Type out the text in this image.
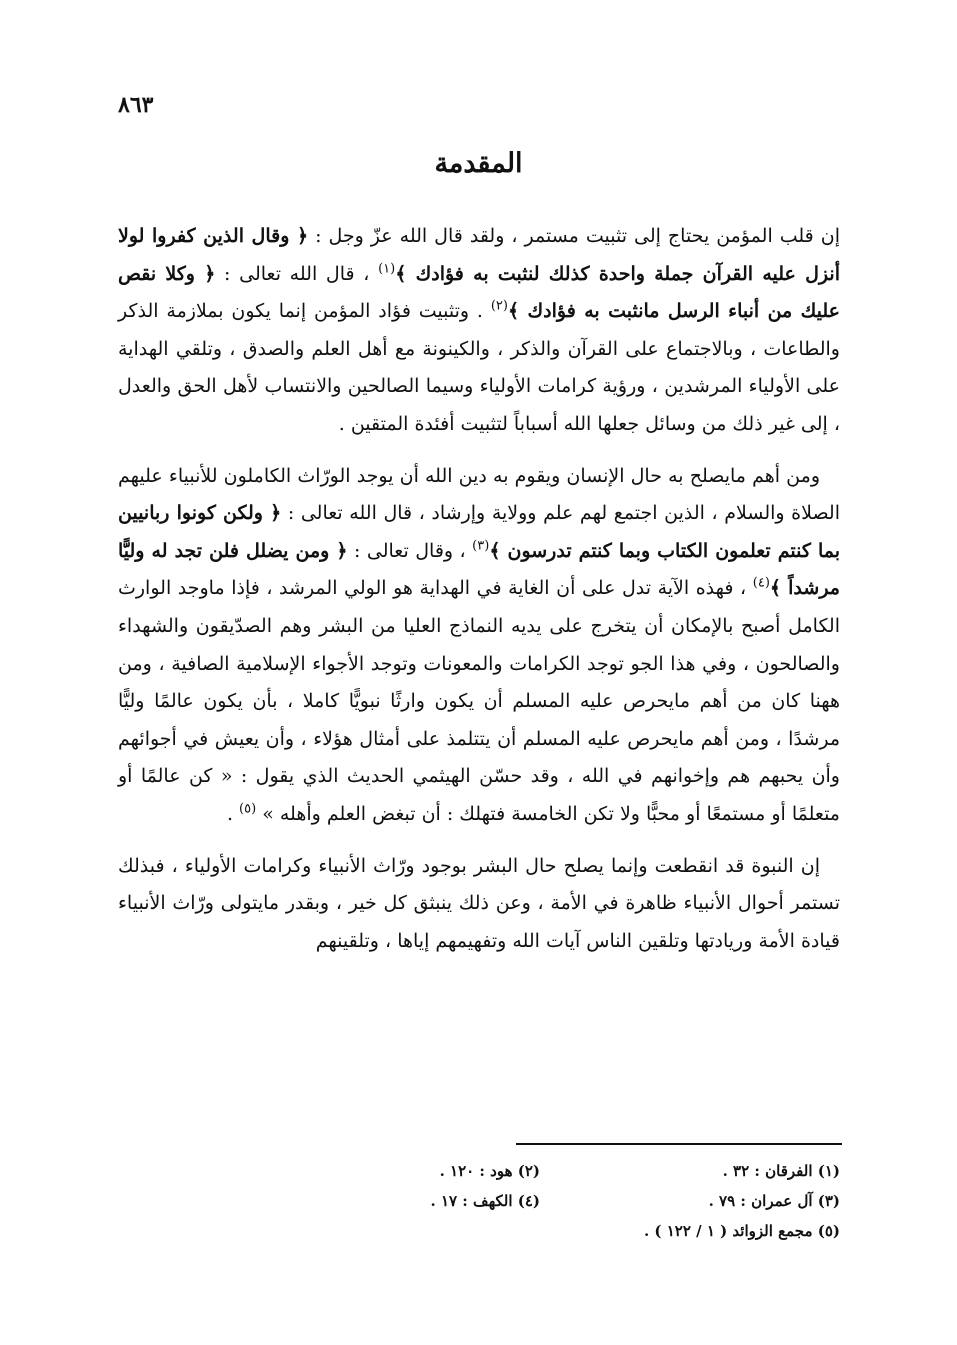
٨٦٣
المقدمة

إن قلب المؤمن يحتاج إلى تثبيت مستمر ، ولقد قال الله عزّ وجل : ﴿ وقال الذين كفروا لولا أنزل عليه القرآن جملة واحدة كذلك لنثبت به فؤادك ﴾$^{(١)}$ ، قال الله تعالى : ﴿ وكلا نقص عليك من أنباء الرسل مانثبت به فؤادك ﴾$^{(٢)}$ . وتثبيت فؤاد المؤمن إنما يكون بملازمة الذكر والطاعات ، وبالاجتماع على القرآن والذكر ، والكينونة مع أهل العلم والصدق ، وتلقي الهداية على الأولياء المرشدين ، ورؤية كرامات الأولياء وسيما الصالحين والانتساب لأهل الحق والعدل ، إلى غير ذلك من وسائل جعلها الله أسباباً لتثبيت أفئدة المتقين .

ومن أهم مايصلح به حال الإنسان ويقوم به دين الله أن يوجد الورّاث الكاملون للأنبياء عليهم الصلاة والسلام ، الذين اجتمع لهم علم وولاية وإرشاد ، قال الله تعالى : ﴿ ولكن كونوا ربانيين بما كنتم تعلمون الكتاب وبما كنتم تدرسون ﴾$^{(٣)}$ ، وقال تعالى : ﴿ ومن يضلل فلن تجد له وليًّا مرشداً ﴾$^{(٤)}$ ، فهذه الآية تدل على أن الغاية في الهداية هو الولي المرشد ، فإذا ماوجد الوارث الكامل أصبح بالإمكان أن يتخرج على يديه النماذج العليا من البشر وهم الصدّيقون والشهداء والصالحون ، وفي هذا الجو توجد الكرامات والمعونات وتوجد الأجواء الإسلامية الصافية ، ومن ههنا كان من أهم مايحرص عليه المسلم أن يكون وارثًا نبويًّا كاملا ، بأن يكون عالمًا وليًّا مرشدًا ، ومن أهم مايحرص عليه المسلم أن يتتلمذ على أمثال هؤلاء ، وأن يعيش في أجوائهم وأن يحبهم هم وإخوانهم في الله ، وقد حسّن الهيثمي الحديث الذي يقول : « كن عالمًا أو متعلمًا أو مستمعًا أو محبًّا ولا تكن الخامسة فتهلك : أن تبغض العلم وأهله » $^{(٥)}$ .

إن النبوة قد انقطعت وإنما يصلح حال البشر بوجود ورّاث الأنبياء وكرامات الأولياء ، فبذلك تستمر أحوال الأنبياء ظاهرة في الأمة ، وعن ذلك ينبثق كل خير ، وبقدر مايتولى ورّاث الأنبياء قيادة الأمة وريادتها وتلقين الناس آيات الله وتفهيمهم إياها ، وتلقينهم

(١) الفرقان : ٣٢ .
(٢) هود : ١٢٠ .
(٣) آل عمران : ٧٩ .
(٤) الكهف : ١٧ .
(٥) مجمع الزوائد ( ١ / ١٢٢ ) .
